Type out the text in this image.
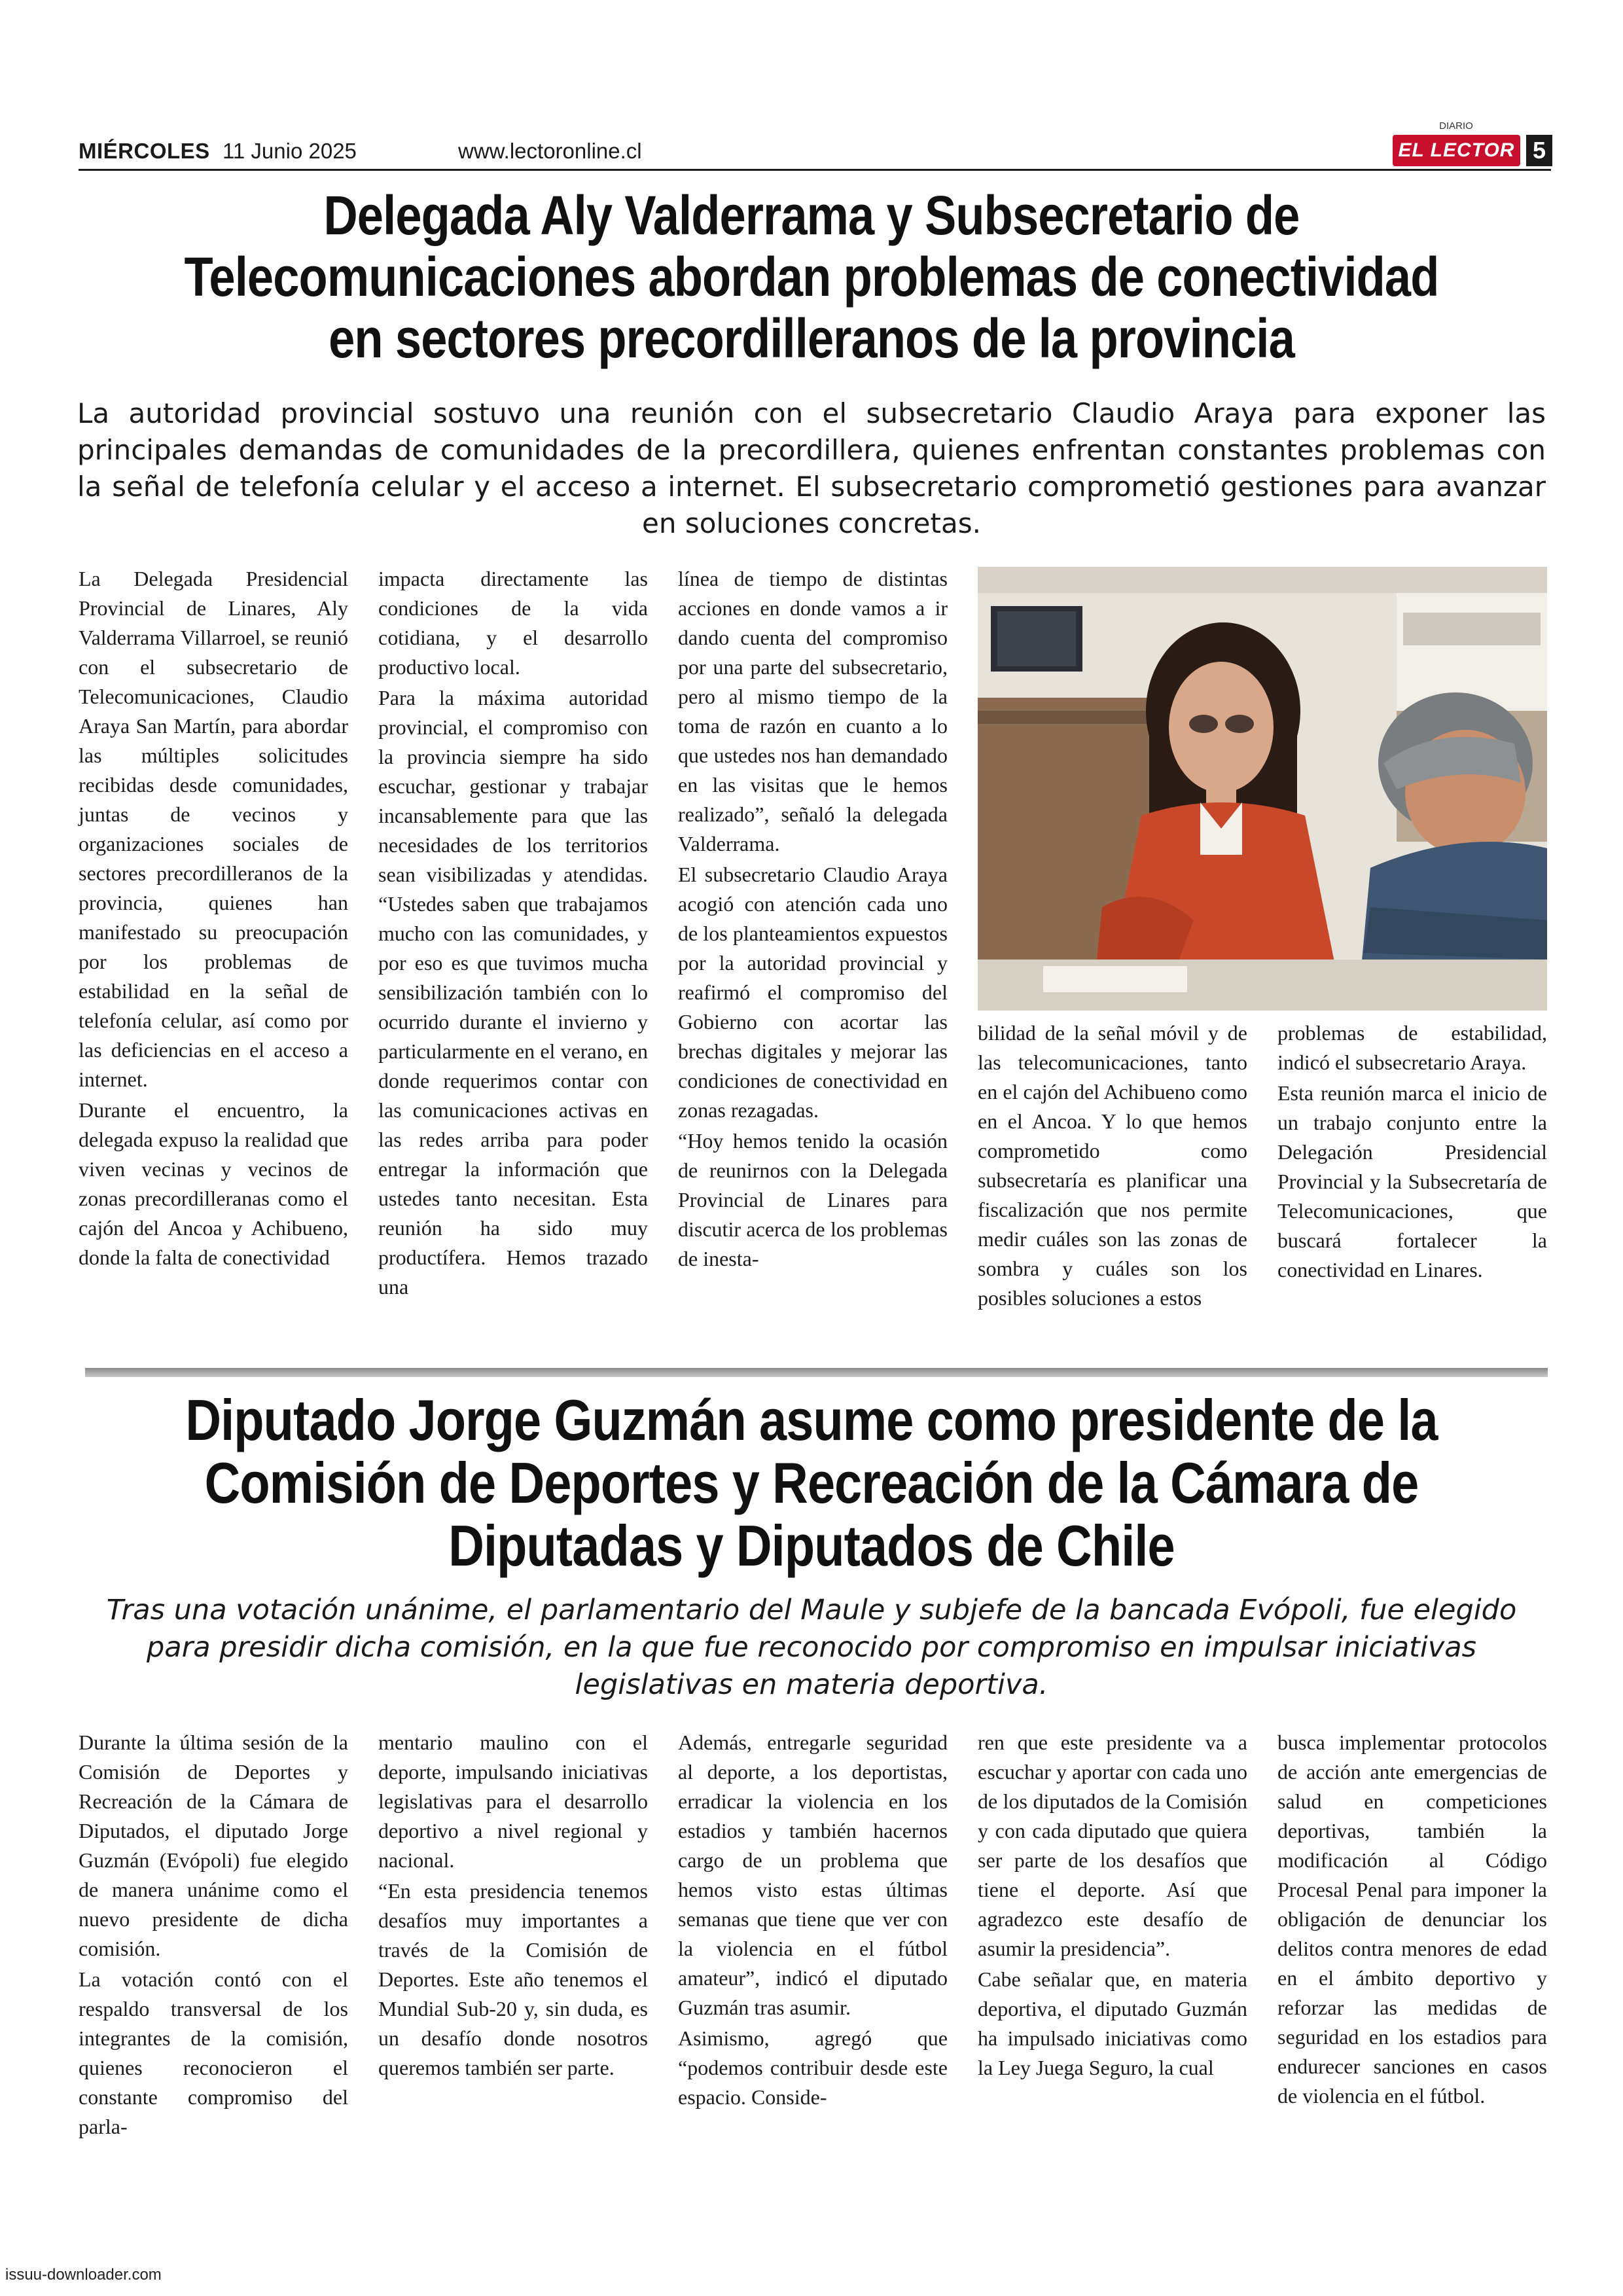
MIÉRCOLES 11 Junio 2025	www.lectoronline.cl
DIARIO
EL LECTOR 5
Delegada Aly Valderrama y Subsecretario de Telecomunicaciones abordan problemas de conectividad en sectores precordilleranos de la provincia

La autoridad provincial sostuvo una reunión con el subsecretario Claudio Araya para exponer las principales demandas de comunidades de la precordillera, quienes enfrentan constantes problemas con la señal de telefonía celular y el acceso a internet. El subsecretario comprometió gestiones para avanzar en soluciones concretas.

La Delegada Presidencial Provincial de Linares, Aly Valderrama Villarroel, se reunió con el subsecretario de Telecomunicaciones, Claudio Araya San Martín, para abordar las múltiples solicitudes recibidas desde comunidades, juntas de vecinos y organizaciones sociales de sectores precordilleranos de la provincia, quienes han manifestado su preocupación por los problemas de estabilidad en la señal de telefonía celular, así como por las deficiencias en el acceso a internet.

Durante el encuentro, la delegada expuso la realidad que viven vecinas y vecinos de zonas precordilleranas como el cajón del Ancoa y Achibueno, donde la falta de conectividad

impacta directamente las condiciones de la vida cotidiana, y el desarrollo productivo local.

Para la máxima autoridad provincial, el compromiso con la provincia siempre ha sido escuchar, gestionar y trabajar incansablemente para que las necesidades de los territorios sean visibilizadas y atendidas. “Ustedes saben que trabajamos mucho con las comunidades, y por eso es que tuvimos mucha sensibilización también con lo ocurrido durante el invierno y particularmente en el verano, en donde requerimos contar con las comunicaciones activas en las redes arriba para poder entregar la información que ustedes tanto necesitan. Esta reunión ha sido muy productífera. Hemos trazado una

línea de tiempo de distintas acciones en donde vamos a ir dando cuenta del compromiso por una parte del subsecretario, pero al mismo tiempo de la toma de razón en cuanto a lo que ustedes nos han demandado en las visitas que le hemos realizado”, señaló la delegada Valderrama.

El subsecretario Claudio Araya acogió con atención cada uno de los planteamientos expuestos por la autoridad provincial y reafirmó el compromiso del Gobierno con acortar las brechas digitales y mejorar las condiciones de conectividad en zonas rezagadas.

“Hoy hemos tenido la ocasión de reunirnos con la Delegada Provincial de Linares para discutir acerca de los problemas de inesta-

bilidad de la señal móvil y de las telecomunicaciones, tanto en el cajón del Achibueno como en el Ancoa. Y lo que hemos comprometido como subsecretaría es planificar una fiscalización que nos permite medir cuáles son las zonas de sombra y cuáles son los posibles soluciones a estos

problemas de estabilidad, indicó el subsecretario Araya.

Esta reunión marca el inicio de un trabajo conjunto entre la Delegación Presidencial Provincial y la Subsecretaría de Telecomunicaciones, que buscará fortalecer la conectividad en Linares.

Diputado Jorge Guzmán asume como presidente de la Comisión de Deportes y Recreación de la Cámara de Diputadas y Diputados de Chile

Tras una votación unánime, el parlamentario del Maule y subjefe de la bancada Evópoli, fue elegido para presidir dicha comisión, en la que fue reconocido por compromiso en impulsar iniciativas legislativas en materia deportiva.

Durante la última sesión de la Comisión de Deportes y Recreación de la Cámara de Diputados, el diputado Jorge Guzmán (Evópoli) fue elegido de manera unánime como el nuevo presidente de dicha comisión.

La votación contó con el respaldo transversal de los integrantes de la comisión, quienes reconocieron el constante compromiso del parla-

mentario maulino con el deporte, impulsando iniciativas legislativas para el desarrollo deportivo a nivel regional y nacional.

“En esta presidencia tenemos desafíos muy importantes a través de la Comisión de Deportes. Este año tenemos el Mundial Sub-20 y, sin duda, es un desafío donde nosotros queremos también ser parte.

Además, entregarle seguridad al deporte, a los deportistas, erradicar la violencia en los estadios y también hacernos cargo de un problema que hemos visto estas últimas semanas que tiene que ver con la violencia en el fútbol amateur”, indicó el diputado Guzmán tras asumir.

Asimismo, agregó que “podemos contribuir desde este espacio. Conside-

ren que este presidente va a escuchar y aportar con cada uno de los diputados de la Comisión y con cada diputado que quiera ser parte de los desafíos que tiene el deporte. Así que agradezco este desafío de asumir la presidencia”.

Cabe señalar que, en materia deportiva, el diputado Guzmán ha impulsado iniciativas como la Ley Juega Seguro, la cual

busca implementar protocolos de acción ante emergencias de salud en competiciones deportivas, también la modificación al Código Procesal Penal para imponer la obligación de denunciar los delitos contra menores de edad en el ámbito deportivo y reforzar las medidas de seguridad en los estadios para endurecer sanciones en casos de violencia en el fútbol.

issuu-downloader.com
